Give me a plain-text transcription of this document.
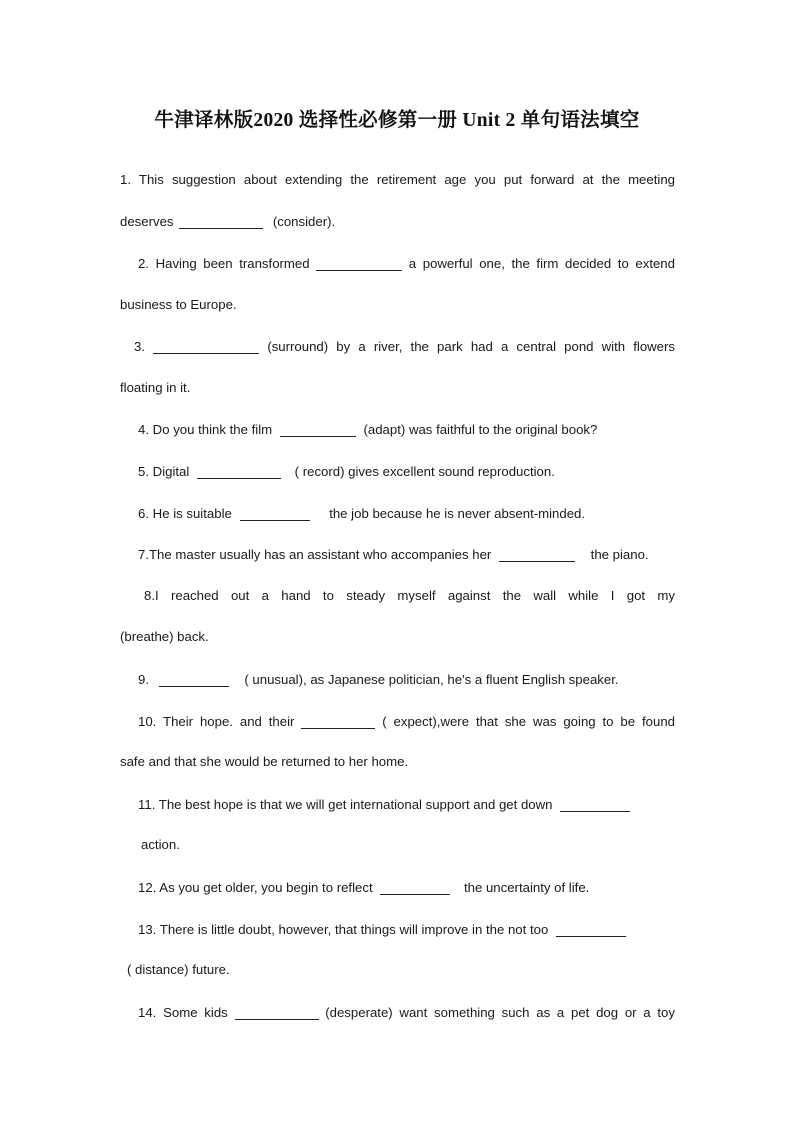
牛津译林版2020 选择性必修第一册 Unit 2 单句语法填空
1. This suggestion about extending the retirement age you put forward at the meeting
deserves	(consider).
2. Having been transformed	a powerful one, the firm decided to extend
business to Europe.
3.	(surround) by a river, the park had a central pond with flowers
floating in it.
4. Do you think the film	(adapt) was faithful to the original book?
5. Digital	( record) gives excellent sound reproduction.
6. He is suitable	the job because he is never absent-minded.
7.The master usually has an assistant who accompanies her	the piano.
8.I reached out a hand to steady myself against the wall while I got my
(breathe) back.
9.	( unusual), as Japanese politician, he's a fluent English speaker.
10. Their hope. and their	( expect),were that she was going to be found
safe and that she would be returned to her home.
11. The best hope is that we will get international support and get down
action.
12. As you get older, you begin to reflect	the uncertainty of life.
13. There is little doubt, however, that things will improve in the not too
( distance) future.
14. Some kids	(desperate) want something such as a pet dog or a toy
